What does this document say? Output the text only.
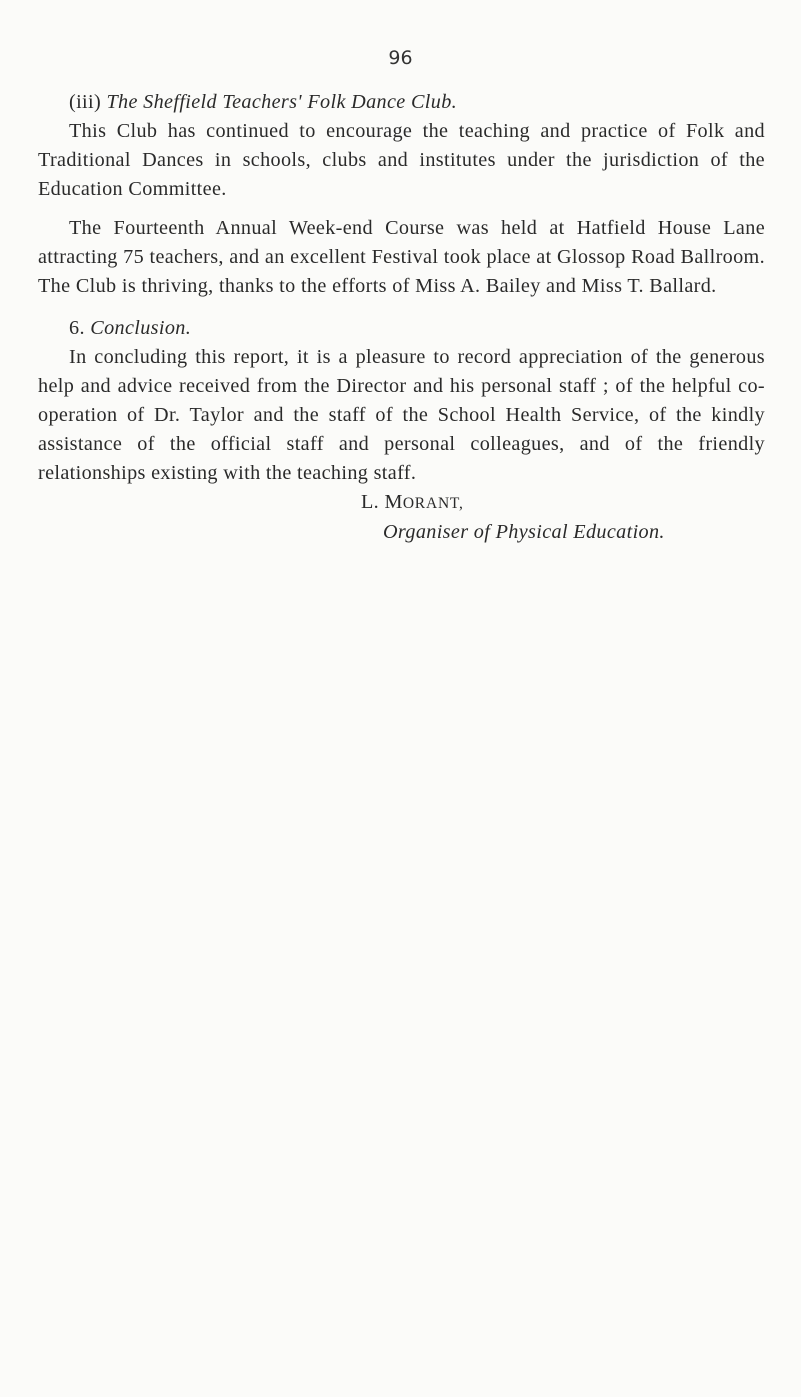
96
(iii) The Sheffield Teachers' Folk Dance Club.

This Club has continued to encourage the teaching and practice of Folk and Traditional Dances in schools, clubs and institutes under the jurisdiction of the Education Committee.

The Fourteenth Annual Week-end Course was held at Hatfield House Lane attracting 75 teachers, and an excellent Festival took place at Glossop Road Ballroom. The Club is thriving, thanks to the efforts of Miss A. Bailey and Miss T. Ballard.

6. Conclusion.

In concluding this report, it is a pleasure to record appreciation of the generous help and advice received from the Director and his personal staff ; of the helpful co-operation of Dr. Taylor and the staff of the School Health Service, of the kindly assistance of the official staff and personal colleagues, and of the friendly relationships existing with the teaching staff.

L. MORANT,
Organiser of Physical Education.
